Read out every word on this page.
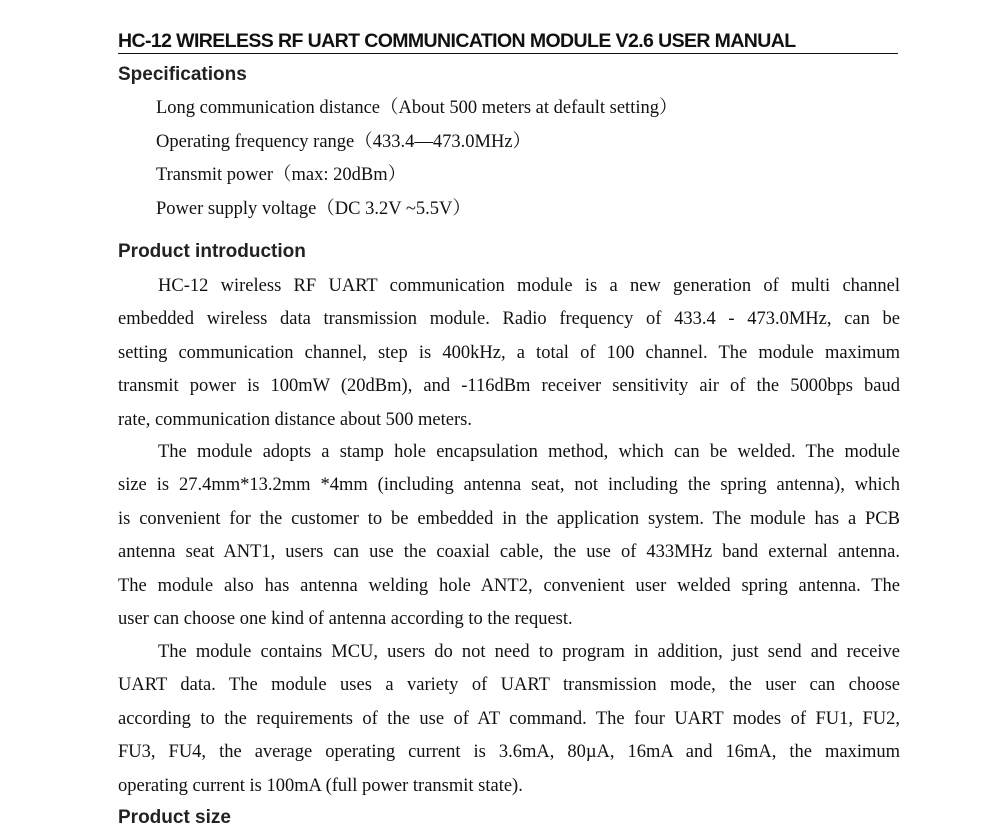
HC-12 WIRELESS RF UART COMMUNICATION MODULE V2.6 USER MANUAL
Specifications
Long communication distance（About 500 meters at default setting）
Operating frequency range（433.4—473.0MHz）
Transmit power（max: 20dBm）
Power supply voltage（DC 3.2V ~5.5V）
Product introduction
HC-12 wireless RF UART communication module is a new generation of multi channel
embedded wireless data transmission module. Radio frequency of 433.4 - 473.0MHz, can be
setting communication channel, step is 400kHz, a total of 100 channel. The module maximum
transmit power is 100mW (20dBm), and -116dBm receiver sensitivity air of the 5000bps baud
rate, communication distance about 500 meters.
The module adopts a stamp hole encapsulation method, which can be welded. The module
size is 27.4mm*13.2mm *4mm (including antenna seat, not including the spring antenna), which
is convenient for the customer to be embedded in the application system. The module has a PCB
antenna seat ANT1, users can use the coaxial cable, the use of 433MHz band external antenna.
The module also has antenna welding hole ANT2, convenient user welded spring antenna. The
user can choose one kind of antenna according to the request.
The module contains MCU, users do not need to program in addition, just send and receive
UART data. The module uses a variety of UART transmission mode, the user can choose
according to the requirements of the use of AT command. The four UART modes of FU1, FU2,
FU3, FU4, the average operating current is 3.6mA, 80µA, 16mA and 16mA, the maximum
operating current is 100mA (full power transmit state).
Product size
